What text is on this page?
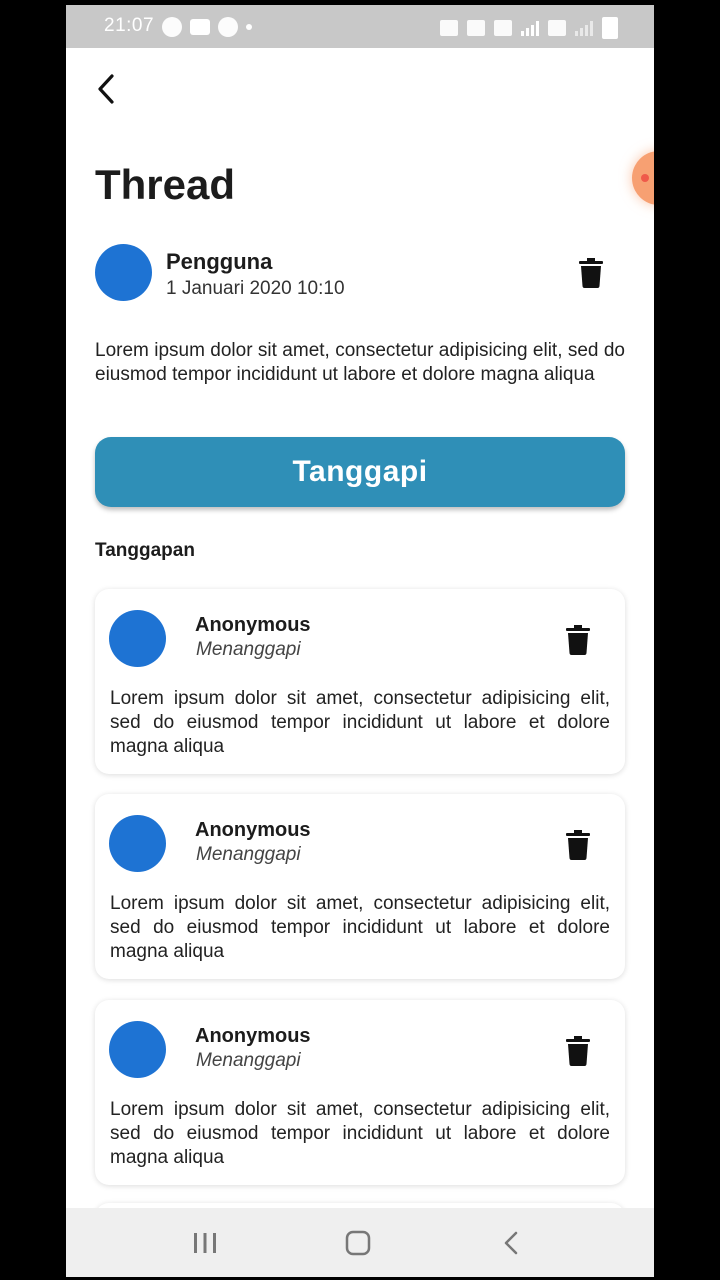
21:07
Thread
Pengguna
1 Januari 2020 10:10
Lorem ipsum dolor sit amet, consectetur adipisicing elit, sed do eiusmod tempor incididunt ut labore et dolore magna aliqua
Tanggapi
Tanggapan
Anonymous
Menanggapi
Lorem ipsum dolor sit amet, consectetur adipisicing elit, sed do eiusmod tempor incididunt ut labore et dolore magna aliqua
Anonymous
Menanggapi
Lorem ipsum dolor sit amet, consectetur adipisicing elit, sed do eiusmod tempor incididunt ut labore et dolore magna aliqua
Anonymous
Menanggapi
Lorem ipsum dolor sit amet, consectetur adipisicing elit, sed do eiusmod tempor incididunt ut labore et dolore magna aliqua
